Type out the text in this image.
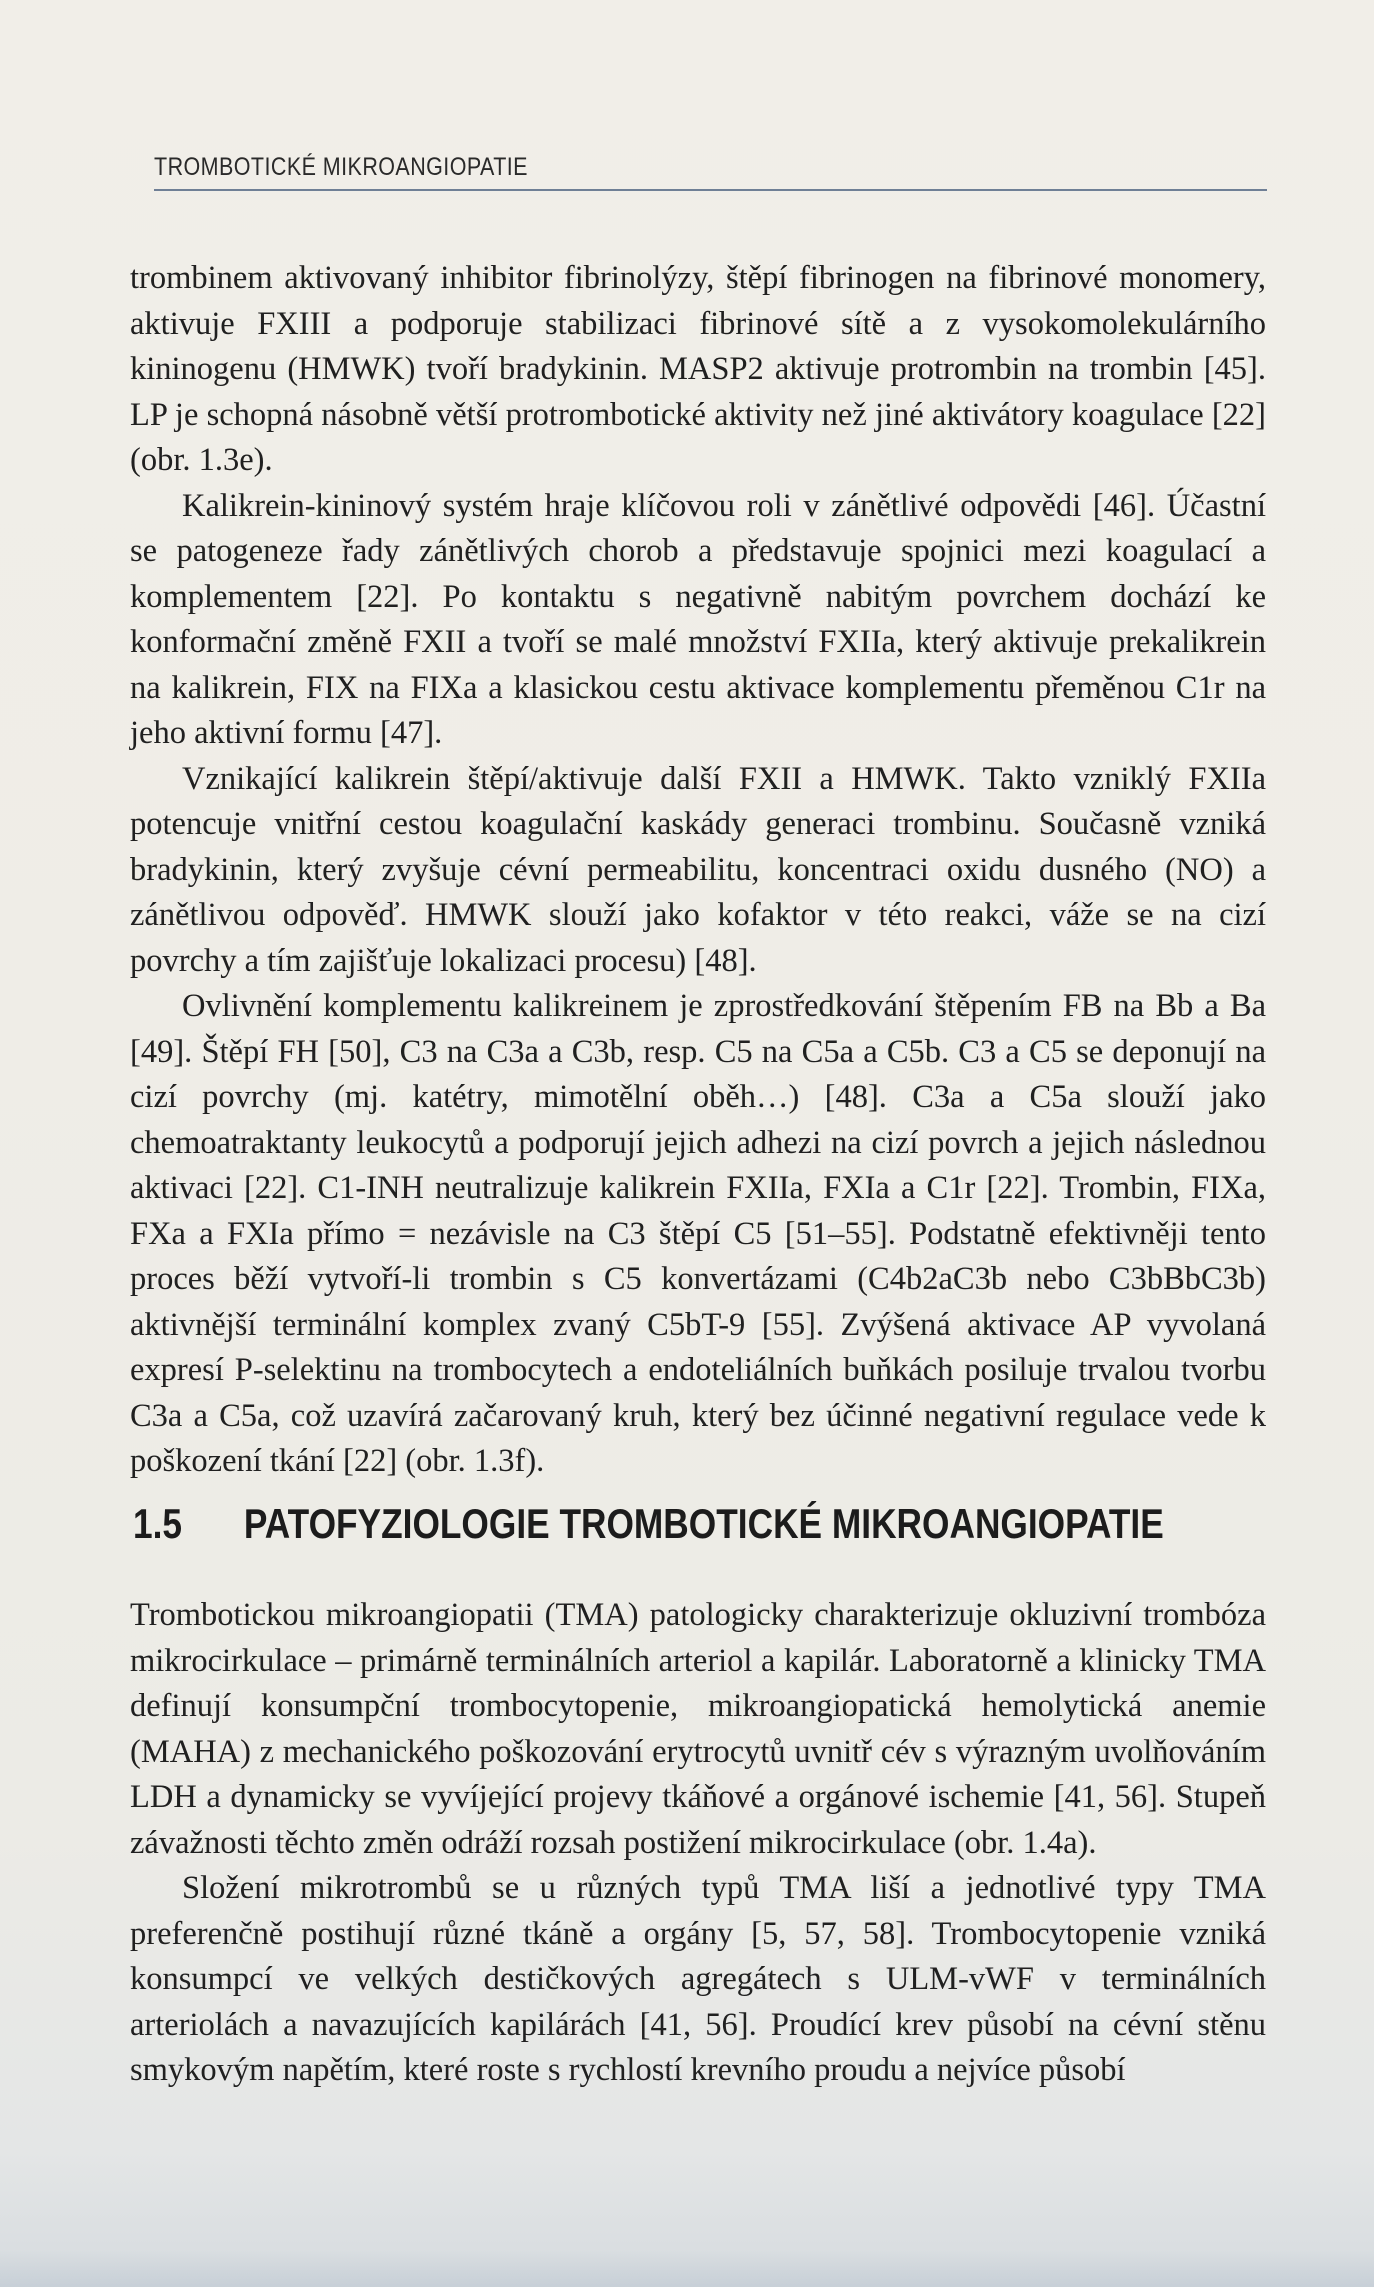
TROMBOTICKÉ MIKROANGIOPATIE

trombinem aktivovaný inhibitor fibrinolýzy, štěpí fibrinogen na fibrinové monomery, aktivuje FXIII a podporuje stabilizaci fibrinové sítě a z vysokomolekulárního kininogenu (HMWK) tvoří bradykinin. MASP2 aktivuje protrombin na trombin [45]. LP je schopná násobně větší protrombotické aktivity než jiné aktivátory koagulace [22] (obr. 1.3e).

Kalikrein-kininový systém hraje klíčovou roli v zánětlivé odpovědi [46]. Účastní se patogeneze řady zánětlivých chorob a představuje spojnici mezi koagulací a komplementem [22]. Po kontaktu s negativně nabitým povrchem dochází ke konformační změně FXII a tvoří se malé množství FXIIa, který aktivuje prekalikrein na kalikrein, FIX na FIXa a klasickou cestu aktivace komplementu přeměnou C1r na jeho aktivní formu [47].

Vznikající kalikrein štěpí/aktivuje další FXII a HMWK. Takto vzniklý FXIIa potencuje vnitřní cestou koagulační kaskády generaci trombinu. Současně vzniká bradykinin, který zvyšuje cévní permeabilitu, koncentraci oxidu dusného (NO) a zánětlivou odpověď. HMWK slouží jako kofaktor v této reakci, váže se na cizí povrchy a tím zajišťuje lokalizaci procesu) [48].

Ovlivnění komplementu kalikreinem je zprostředkování štěpením FB na Bb a Ba [49]. Štěpí FH [50], C3 na C3a a C3b, resp. C5 na C5a a C5b. C3 a C5 se deponují na cizí povrchy (mj. katétry, mimotělní oběh…) [48]. C3a a C5a slouží jako chemoatraktanty leukocytů a podporují jejich adhezi na cizí povrch a jejich následnou aktivaci [22]. C1-INH neutralizuje kalikrein FXIIa, FXIa a C1r [22]. Trombin, FIXa, FXa a FXIa přímo = nezávisle na C3 štěpí C5 [51–55]. Podstatně efektivněji tento proces běží vytvoří-li trombin s C5 konvertázami (C4b2aC3b nebo C3bBbC3b) aktivnější terminální komplex zvaný C5bT-9 [55]. Zvýšená aktivace AP vyvolaná expresí P-selektinu na trombocytech a endoteliálních buňkách posiluje trvalou tvorbu C3a a C5a, což uzavírá začarovaný kruh, který bez účinné negativní regulace vede k poškození tkání [22] (obr. 1.3f).

1.5 PATOFYZIOLOGIE TROMBOTICKÉ MIKROANGIOPATIE

Trombotickou mikroangiopatii (TMA) patologicky charakterizuje okluzivní trombóza mikrocirkulace – primárně terminálních arteriol a kapilár. Laboratorně a klinicky TMA definují konsumpční trombocytopenie, mikroangiopatická hemolytická anemie (MAHA) z mechanického poškozování erytrocytů uvnitř cév s výrazným uvolňováním LDH a dynamicky se vyvíjející projevy tkáňové a orgánové ischemie [41, 56]. Stupeň závažnosti těchto změn odráží rozsah postižení mikrocirkulace (obr. 1.4a).

Složení mikrotrombů se u různých typů TMA liší a jednotlivé typy TMA preferenčně postihují různé tkáně a orgány [5, 57, 58]. Trombocytopenie vzniká konsumpcí ve velkých destičkových agregátech s ULM-vWF v terminálních arteriolách a navazujících kapilárách [41, 56]. Proudící krev působí na cévní stěnu smykovým napětím, které roste s rychlostí krevního proudu a nejvíce působí
